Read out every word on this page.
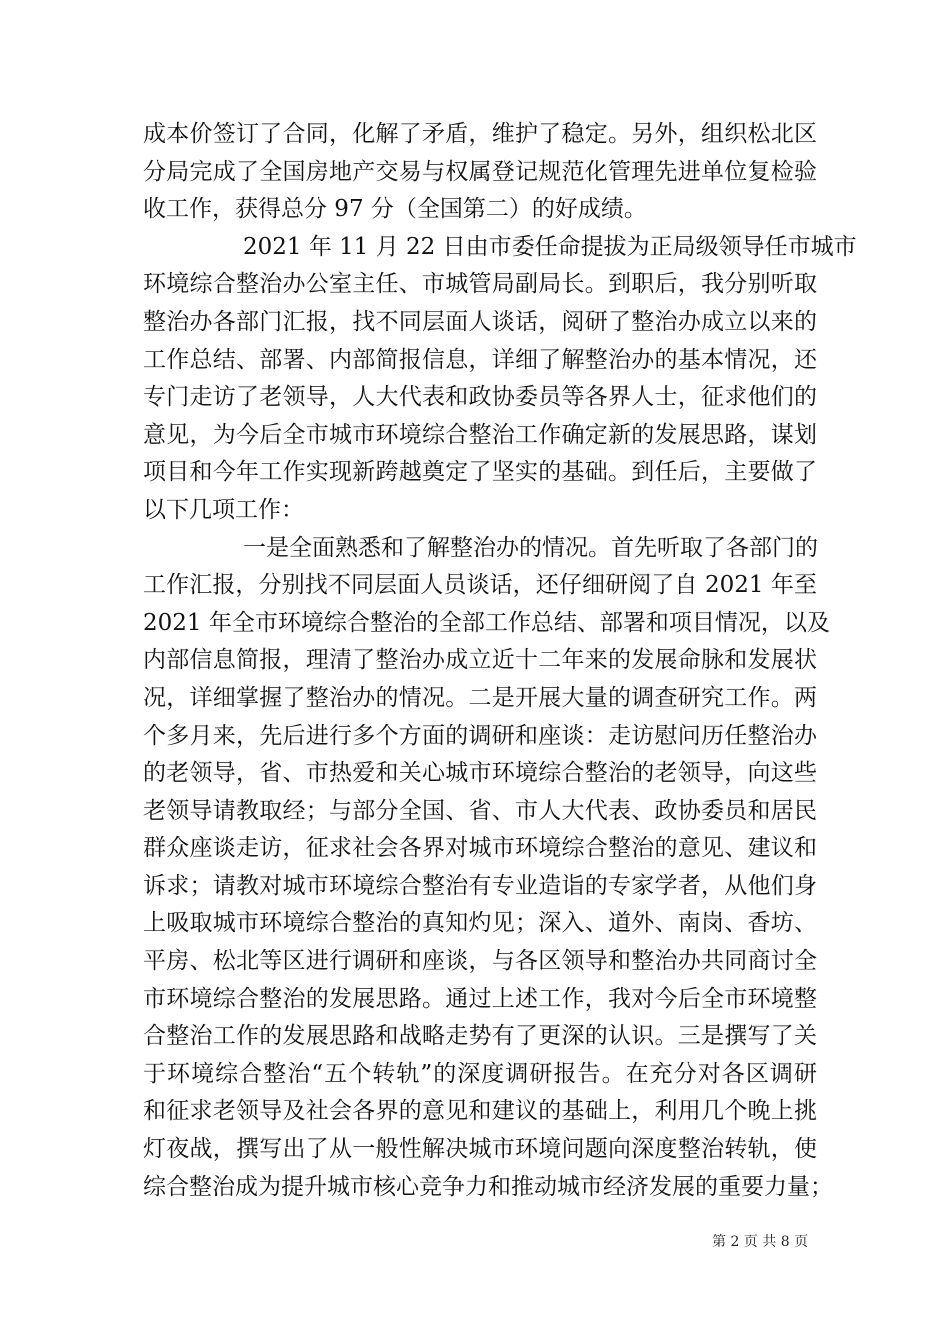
成本价签订了合同，化解了矛盾，维护了稳定。另外，组织松北区
分局完成了全国房地产交易与权属登记规范化管理先进单位复检验
收工作，获得总分 97 分（全国第二）的好成绩。
2021 年 11 月 22 日由市委任命提拔为正局级领导任市城市
环境综合整治办公室主任、市城管局副局长。到职后，我分别听取
整治办各部门汇报，找不同层面人谈话，阅研了整治办成立以来的
工作总结、部署、内部简报信息，详细了解整治办的基本情况，还
专门走访了老领导，人大代表和政协委员等各界人士，征求他们的
意见，为今后全市城市环境综合整治工作确定新的发展思路，谋划
项目和今年工作实现新跨越奠定了坚实的基础。到任后，主要做了
以下几项工作：
一是全面熟悉和了解整治办的情况。首先听取了各部门的
工作汇报，分别找不同层面人员谈话，还仔细研阅了自 2021 年至
2021 年全市环境综合整治的全部工作总结、部署和项目情况，以及
内部信息简报，理清了整治办成立近十二年来的发展命脉和发展状
况，详细掌握了整治办的情况。二是开展大量的调查研究工作。两
个多月来，先后进行多个方面的调研和座谈：走访慰问历任整治办
的老领导，省、市热爱和关心城市环境综合整治的老领导，向这些
老领导请教取经；与部分全国、省、市人大代表、政协委员和居民
群众座谈走访，征求社会各界对城市环境综合整治的意见、建议和
诉求；请教对城市环境综合整治有专业造诣的专家学者，从他们身
上吸取城市环境综合整治的真知灼见；深入、道外、南岗、香坊、
平房、松北等区进行调研和座谈，与各区领导和整治办共同商讨全
市环境综合整治的发展思路。通过上述工作，我对今后全市环境整
合整治工作的发展思路和战略走势有了更深的认识。三是撰写了关
于环境综合整治“五个转轨”的深度调研报告。在充分对各区调研
和征求老领导及社会各界的意见和建议的基础上，利用几个晚上挑
灯夜战，撰写出了从一般性解决城市环境问题向深度整治转轨，使
综合整治成为提升城市核心竞争力和推动城市经济发展的重要力量；
第 2 页 共 8 页
